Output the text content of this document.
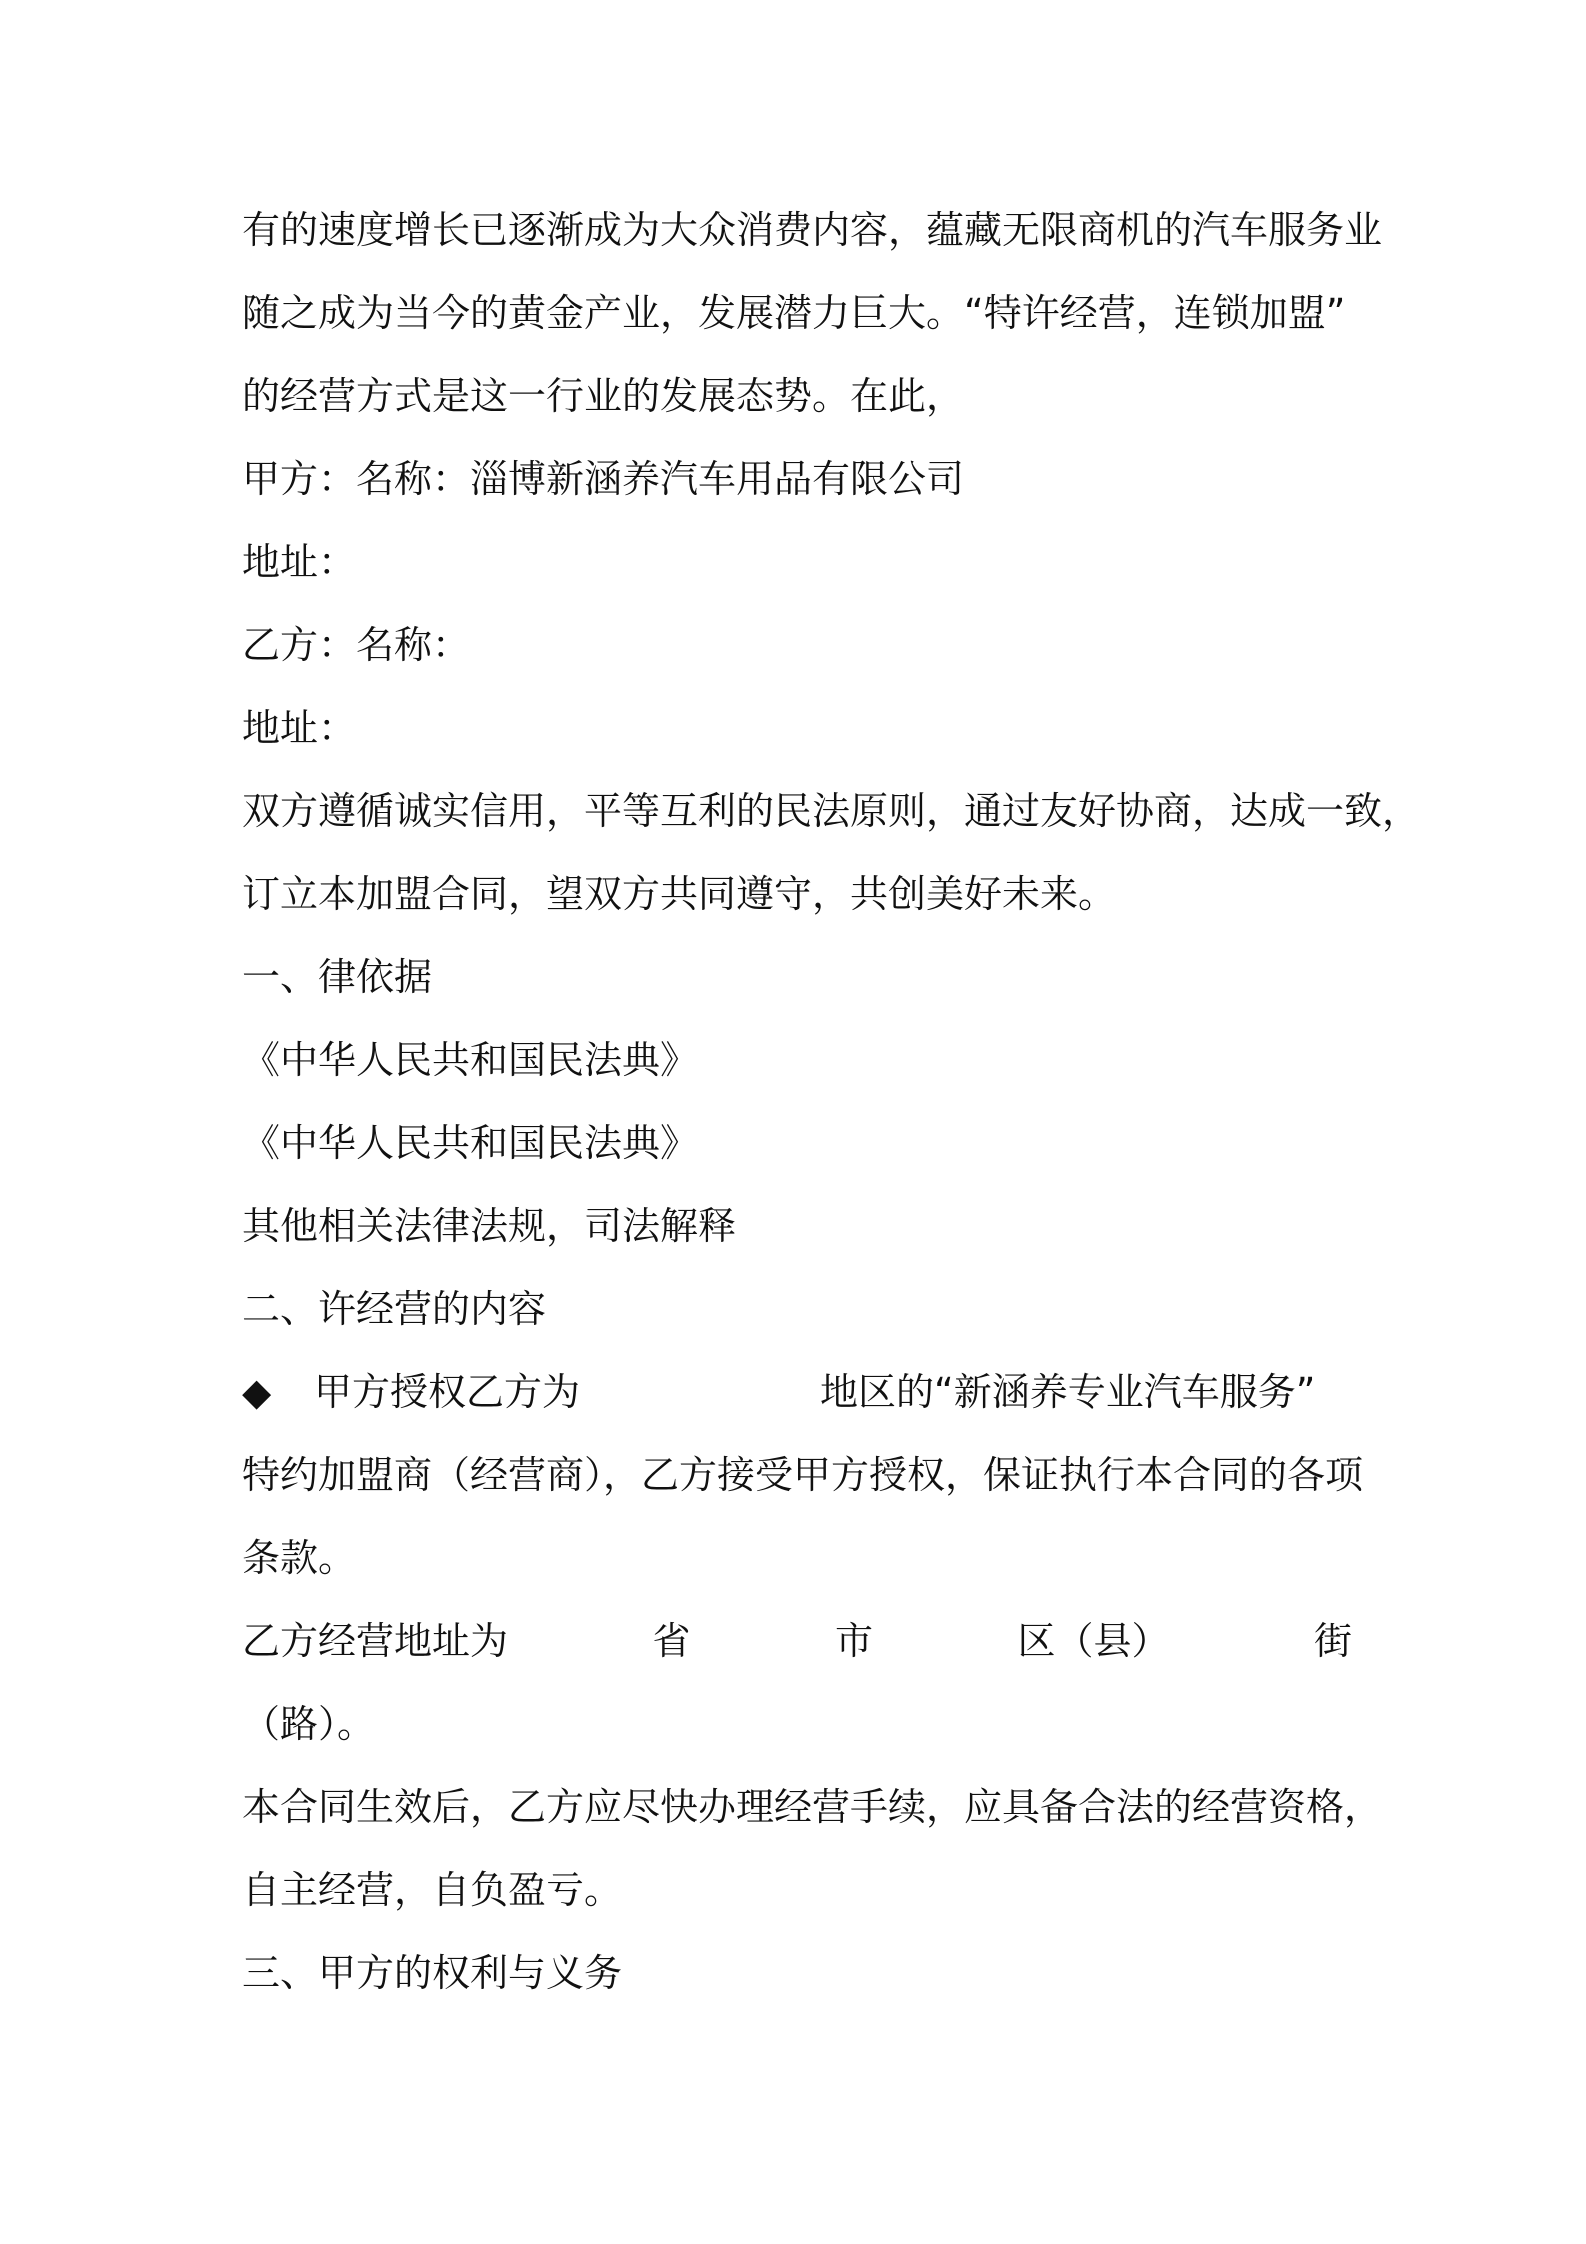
有的速度增长已逐渐成为大众消费内容，蕴藏无限商机的汽车服务业
随之成为当今的黄金产业，发展潜力巨大。“特许经营，连锁加盟”
的经营方式是这一行业的发展态势。在此，
甲方：名称：淄博新涵养汽车用品有限公司
地址：
乙方：名称：
地址：
双方遵循诚实信用，平等互利的民法原则，通过友好协商，达成一致，
订立本加盟合同，望双方共同遵守，共创美好未来。
一、律依据
《中华人民共和国民法典》
《中华人民共和国民法典》
其他相关法律法规，司法解释
二、许经营的内容
◆ 甲方授权乙方为	地区的“新涵养专业汽车服务”
特约加盟商（经营商），乙方接受甲方授权，保证执行本合同的各项
条款。
乙方经营地址为	省	市	区（县）	街
（路）。
本合同生效后，乙方应尽快办理经营手续，应具备合法的经营资格，
自主经营，自负盈亏。
三、甲方的权利与义务
